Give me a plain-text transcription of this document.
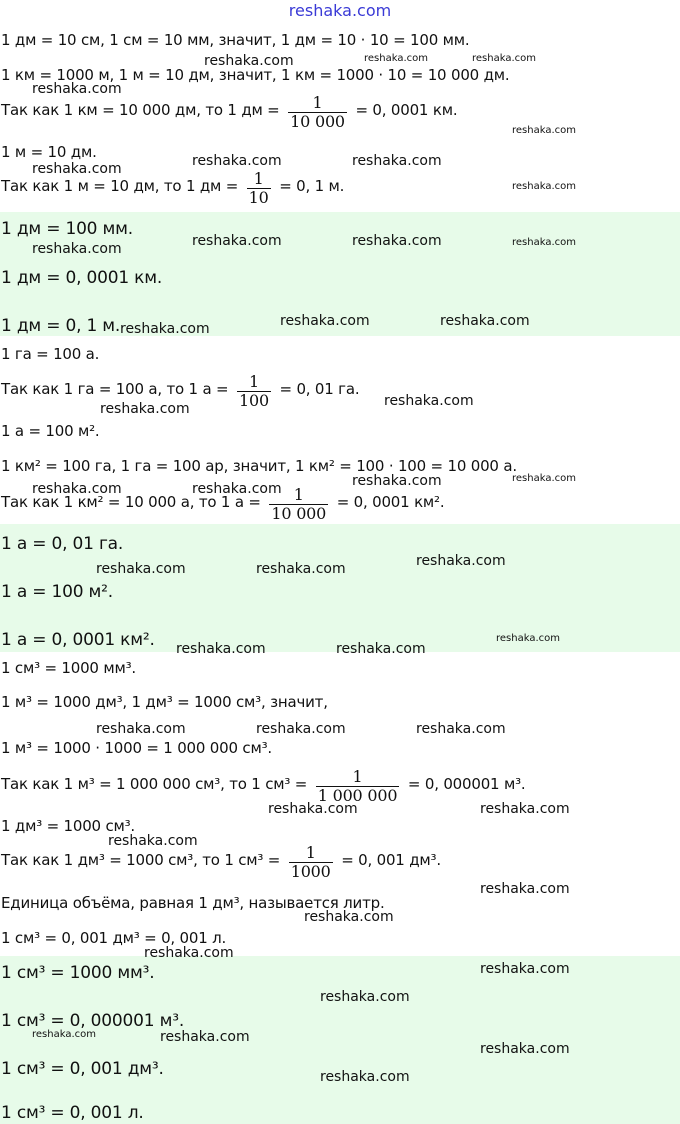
reshaka.com
1 дм = 10 см, 1 см = 10 мм, значит, 1 дм = 10 · 10 = 100 мм.
1 км = 1000 м, 1 м = 10 дм, значит, 1 км = 1000 · 10 = 10 000 дм.
Так как 1 км = 10 000 дм, то 1 дм = $\frac{1}{10 000} = 0$, 0001 км.
1 м = 10 дм.
Так как 1 м = 10 дм, то 1 дм = $\frac{1}{10} = 0$, 1 м.
1 дм = 100 мм.
1 дм = 0, 0001 км.
1 дм = 0, 1 м.
1 га = 100 а.
Так как 1 га = 100 а, то 1 $а = \frac{1}{100} = 0$, 01 га.
1 а = 100 м².
1 км² = 100 га, 1 га = 100 ар, значит, 1 км² = 100 · 100 = 10 000 а.
Так как 1 км² = 10 000 а, то 1 $а = \frac{1}{10 000} = 0$, 0001 км².
1 а = 0, 01 га.
1 а = 100 м².
1 а = 0, 0001 км².
1 см³ = 1000 мм³.
1 м³ = 1000 дм³, 1 дм³ = 1000 см³, значит,
1 м³ = 1000 · 1000 = 1 000 000 см³.
Так как 1 м³ = 1 000 000 см³, то 1 $см^3 = \frac{1}{1 000 000} = 0$, 000001 м³.
1 дм³ = 1000 см³.
Так как 1 дм³ = 1000 см³, то 1 $см^3 = \frac{1}{1000} = 0$, 001 дм³.
Единица объёма, равная 1 дм³, называется литр.
1 см³ = 0, 001 дм³ = 0, 001 л.
1 см³ = 1000 мм³.
1 см³ = 0, 000001 м³.
1 см³ = 0, 001 дм³.
1 см³ = 0, 001 л.
reshaka.com	reshaka.com	reshaka.com
reshaka.com
reshaka.com
reshaka.com	reshaka.com
reshaka.com
reshaka.com
reshaka.com	reshaka.com	reshaka.com
reshaka.com
reshaka.com	reshaka.com
reshaka.com
reshaka.com
reshaka.com
reshaka.com	reshaka.com
reshaka.com	reshaka.com
reshaka.com
reshaka.com	reshaka.com
reshaka.com
reshaka.com	reshaka.com
reshaka.com	reshaka.com	reshaka.com
reshaka.com	reshaka.com
reshaka.com
reshaka.com
reshaka.com
reshaka.com
reshaka.com
reshaka.com
reshaka.com	reshaka.com
reshaka.com
reshaka.com
